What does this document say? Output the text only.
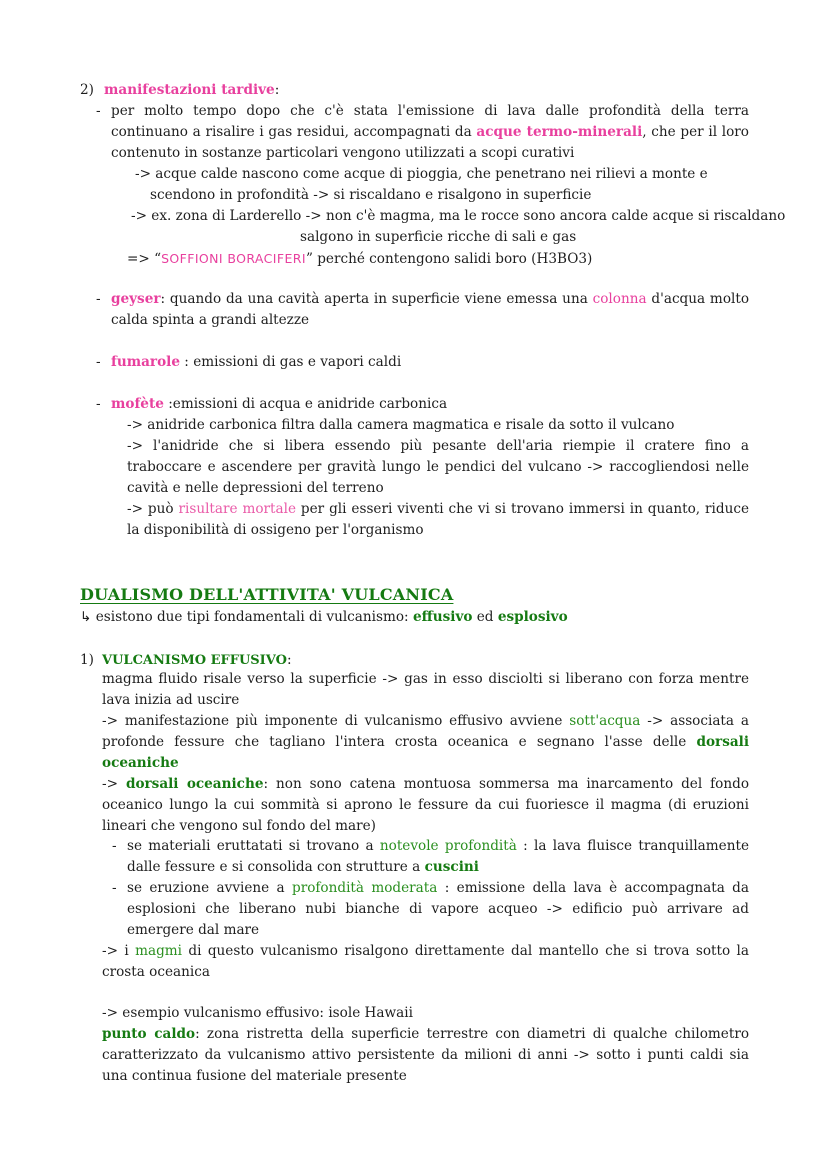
2) manifestazioni tardive:
- per molto tempo dopo che c'è stata l'emissione di lava dalle profondità della terra continuano a risalire i gas residui, accompagnati da acque termo-minerali, che per il loro contenuto in sostanze particolari vengono utilizzati a scopi curativi
-> acque calde nascono come acque di pioggia, che penetrano nei rilievi a monte e scendono in profondità -> si riscaldano e risalgono in superficie
-> ex. zona di Larderello -> non c'è magma, ma le rocce sono ancora calde acque si riscaldano
salgono in superficie ricche di sali e gas
=> “SOFFIONI BORACIFERI” perché contengono salidi boro (H3BO3)
- geyser: quando da una cavità aperta in superficie viene emessa una colonna d'acqua molto calda spinta a grandi altezze
- fumarole : emissioni di gas e vapori caldi
- mofète :emissioni di acqua e anidride carbonica
-> anidride carbonica filtra dalla camera magmatica e risale da sotto il vulcano
-> l'anidride che si libera essendo più pesante dell'aria riempie il cratere fino a traboccare e ascendere per gravità lungo le pendici del vulcano -> raccogliendosi nelle cavità e nelle depressioni del terreno
-> può risultare mortale per gli esseri viventi che vi si trovano immersi in quanto, riduce la disponibilità di ossigeno per l'organismo
DUALISMO DELL'ATTIVITA' VULCANICA
↳ esistono due tipi fondamentali di vulcanismo: effusivo ed esplosivo
1) VULCANISMO EFFUSIVO:
magma fluido risale verso la superficie -> gas in esso disciolti si liberano con forza mentre lava inizia ad uscire
-> manifestazione più imponente di vulcanismo effusivo avviene sott'acqua -> associata a profonde fessure che tagliano l'intera crosta oceanica e segnano l'asse delle dorsali oceaniche
-> dorsali oceaniche: non sono catena montuosa sommersa ma inarcamento del fondo oceanico lungo la cui sommità si aprono le fessure da cui fuoriesce il magma (di eruzioni lineari che vengono sul fondo del mare)
- se materiali eruttatati si trovano a notevole profondità : la lava fluisce tranquillamente dalle fessure e si consolida con strutture a cuscini
- se eruzione avviene a profondità moderata : emissione della lava è accompagnata da esplosioni che liberano nubi bianche di vapore acqueo -> edificio può arrivare ad emergere dal mare
-> i magmi di questo vulcanismo risalgono direttamente dal mantello che si trova sotto la crosta oceanica
-> esempio vulcanismo effusivo: isole Hawaii
punto caldo: zona ristretta della superficie terrestre con diametri di qualche chilometro caratterizzato da vulcanismo attivo persistente da milioni di anni -> sotto i punti caldi sia una continua fusione del materiale presente
